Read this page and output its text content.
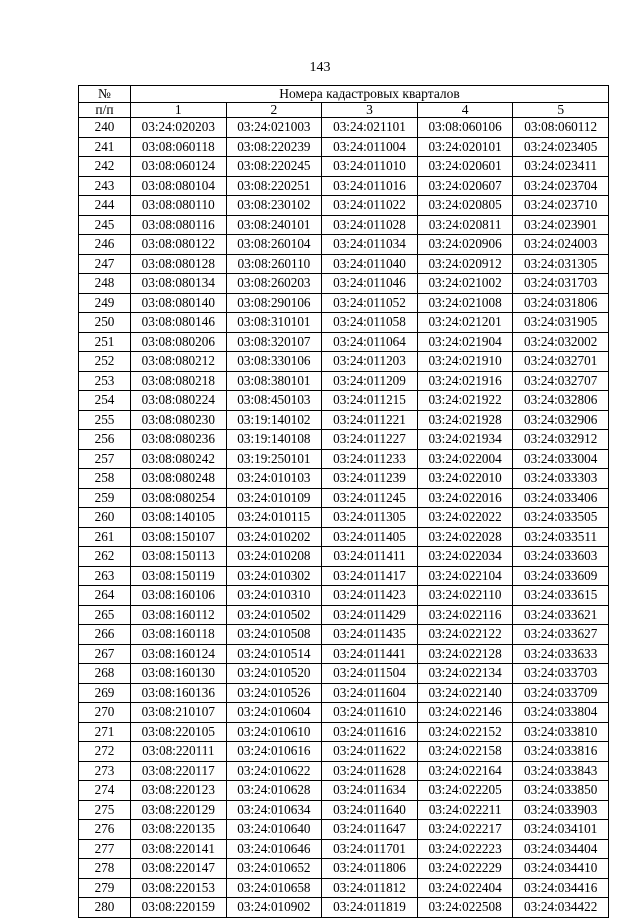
143
№	Номера кадастровых кварталов				
п/п	1	2	3	4	5
240	03:24:020203	03:24:021003	03:24:021101	03:08:060106	03:08:060112
241	03:08:060118	03:08:220239	03:24:011004	03:24:020101	03:24:023405
242	03:08:060124	03:08:220245	03:24:011010	03:24:020601	03:24:023411
243	03:08:080104	03:08:220251	03:24:011016	03:24:020607	03:24:023704
244	03:08:080110	03:08:230102	03:24:011022	03:24:020805	03:24:023710
245	03:08:080116	03:08:240101	03:24:011028	03:24:020811	03:24:023901
246	03:08:080122	03:08:260104	03:24:011034	03:24:020906	03:24:024003
247	03:08:080128	03:08:260110	03:24:011040	03:24:020912	03:24:031305
248	03:08:080134	03:08:260203	03:24:011046	03:24:021002	03:24:031703
249	03:08:080140	03:08:290106	03:24:011052	03:24:021008	03:24:031806
250	03:08:080146	03:08:310101	03:24:011058	03:24:021201	03:24:031905
251	03:08:080206	03:08:320107	03:24:011064	03:24:021904	03:24:032002
252	03:08:080212	03:08:330106	03:24:011203	03:24:021910	03:24:032701
253	03:08:080218	03:08:380101	03:24:011209	03:24:021916	03:24:032707
254	03:08:080224	03:08:450103	03:24:011215	03:24:021922	03:24:032806
255	03:08:080230	03:19:140102	03:24:011221	03:24:021928	03:24:032906
256	03:08:080236	03:19:140108	03:24:011227	03:24:021934	03:24:032912
257	03:08:080242	03:19:250101	03:24:011233	03:24:022004	03:24:033004
258	03:08:080248	03:24:010103	03:24:011239	03:24:022010	03:24:033303
259	03:08:080254	03:24:010109	03:24:011245	03:24:022016	03:24:033406
260	03:08:140105	03:24:010115	03:24:011305	03:24:022022	03:24:033505
261	03:08:150107	03:24:010202	03:24:011405	03:24:022028	03:24:033511
262	03:08:150113	03:24:010208	03:24:011411	03:24:022034	03:24:033603
263	03:08:150119	03:24:010302	03:24:011417	03:24:022104	03:24:033609
264	03:08:160106	03:24:010310	03:24:011423	03:24:022110	03:24:033615
265	03:08:160112	03:24:010502	03:24:011429	03:24:022116	03:24:033621
266	03:08:160118	03:24:010508	03:24:011435	03:24:022122	03:24:033627
267	03:08:160124	03:24:010514	03:24:011441	03:24:022128	03:24:033633
268	03:08:160130	03:24:010520	03:24:011504	03:24:022134	03:24:033703
269	03:08:160136	03:24:010526	03:24:011604	03:24:022140	03:24:033709
270	03:08:210107	03:24:010604	03:24:011610	03:24:022146	03:24:033804
271	03:08:220105	03:24:010610	03:24:011616	03:24:022152	03:24:033810
272	03:08:220111	03:24:010616	03:24:011622	03:24:022158	03:24:033816
273	03:08:220117	03:24:010622	03:24:011628	03:24:022164	03:24:033843
274	03:08:220123	03:24:010628	03:24:011634	03:24:022205	03:24:033850
275	03:08:220129	03:24:010634	03:24:011640	03:24:022211	03:24:033903
276	03:08:220135	03:24:010640	03:24:011647	03:24:022217	03:24:034101
277	03:08:220141	03:24:010646	03:24:011701	03:24:022223	03:24:034404
278	03:08:220147	03:24:010652	03:24:011806	03:24:022229	03:24:034410
279	03:08:220153	03:24:010658	03:24:011812	03:24:022404	03:24:034416
280	03:08:220159	03:24:010902	03:24:011819	03:24:022508	03:24:034422
